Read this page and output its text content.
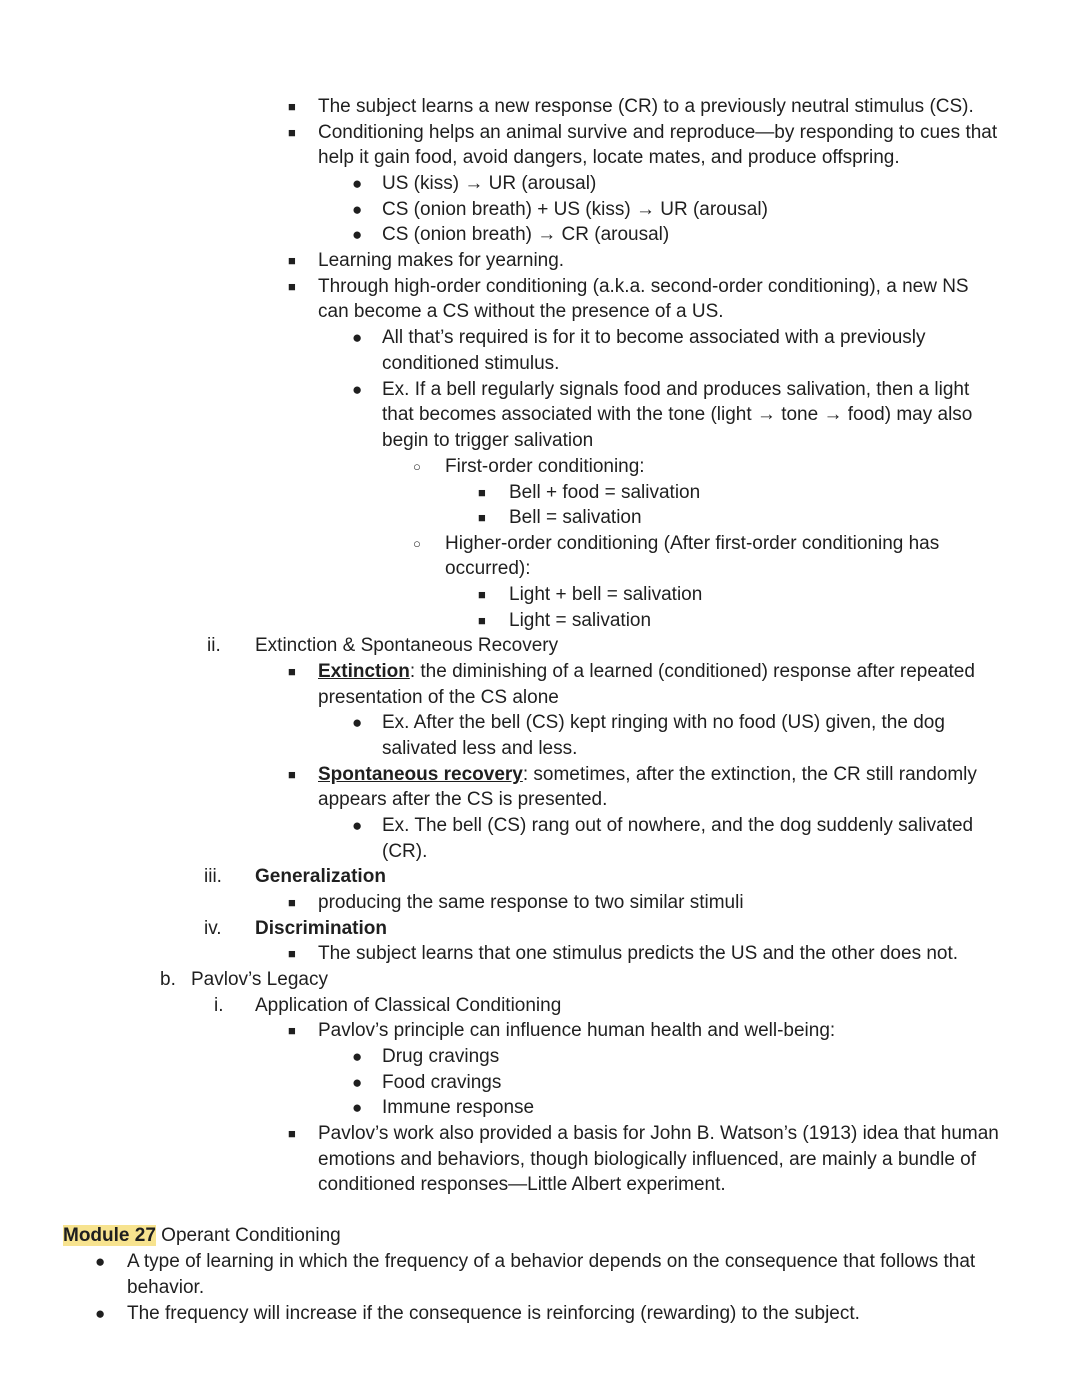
■ The subject learns a new response (CR) to a previously neutral stimulus (CS).
■ Conditioning helps an animal survive and reproduce—by responding to cues that
help it gain food, avoid dangers, locate mates, and produce offspring.
● US (kiss) → UR (arousal)
● CS (onion breath) + US (kiss) → UR (arousal)
● CS (onion breath) → CR (arousal)
■ Learning makes for yearning.
■ Through high-order conditioning (a.k.a. second-order conditioning), a new NS
can become a CS without the presence of a US.
● All that’s required is for it to become associated with a previously
conditioned stimulus.
● Ex. If a bell regularly signals food and produces salivation, then a light
that becomes associated with the tone (light → tone → food) may also
begin to trigger salivation
○ First-order conditioning:
■ Bell + food = salivation
■ Bell = salivation
○ Higher-order conditioning (After first-order conditioning has
occurred):
■ Light + bell = salivation
■ Light = salivation
ii. Extinction & Spontaneous Recovery
■ Extinction: the diminishing of a learned (conditioned) response after repeated
presentation of the CS alone
● Ex. After the bell (CS) kept ringing with no food (US) given, the dog
salivated less and less.
■ Spontaneous recovery: sometimes, after the extinction, the CR still randomly
appears after the CS is presented.
● Ex. The bell (CS) rang out of nowhere, and the dog suddenly salivated
(CR).
iii. Generalization
■ producing the same response to two similar stimuli
iv. Discrimination
■ The subject learns that one stimulus predicts the US and the other does not.
b. Pavlov’s Legacy
i. Application of Classical Conditioning
■ Pavlov’s principle can influence human health and well-being:
● Drug cravings
● Food cravings
● Immune response
■ Pavlov’s work also provided a basis for John B. Watson’s (1913) idea that human
emotions and behaviors, though biologically influenced, are mainly a bundle of
conditioned responses—Little Albert experiment.
Module 27 Operant Conditioning
● A type of learning in which the frequency of a behavior depends on the consequence that follows that
behavior.
● The frequency will increase if the consequence is reinforcing (rewarding) to the subject.
